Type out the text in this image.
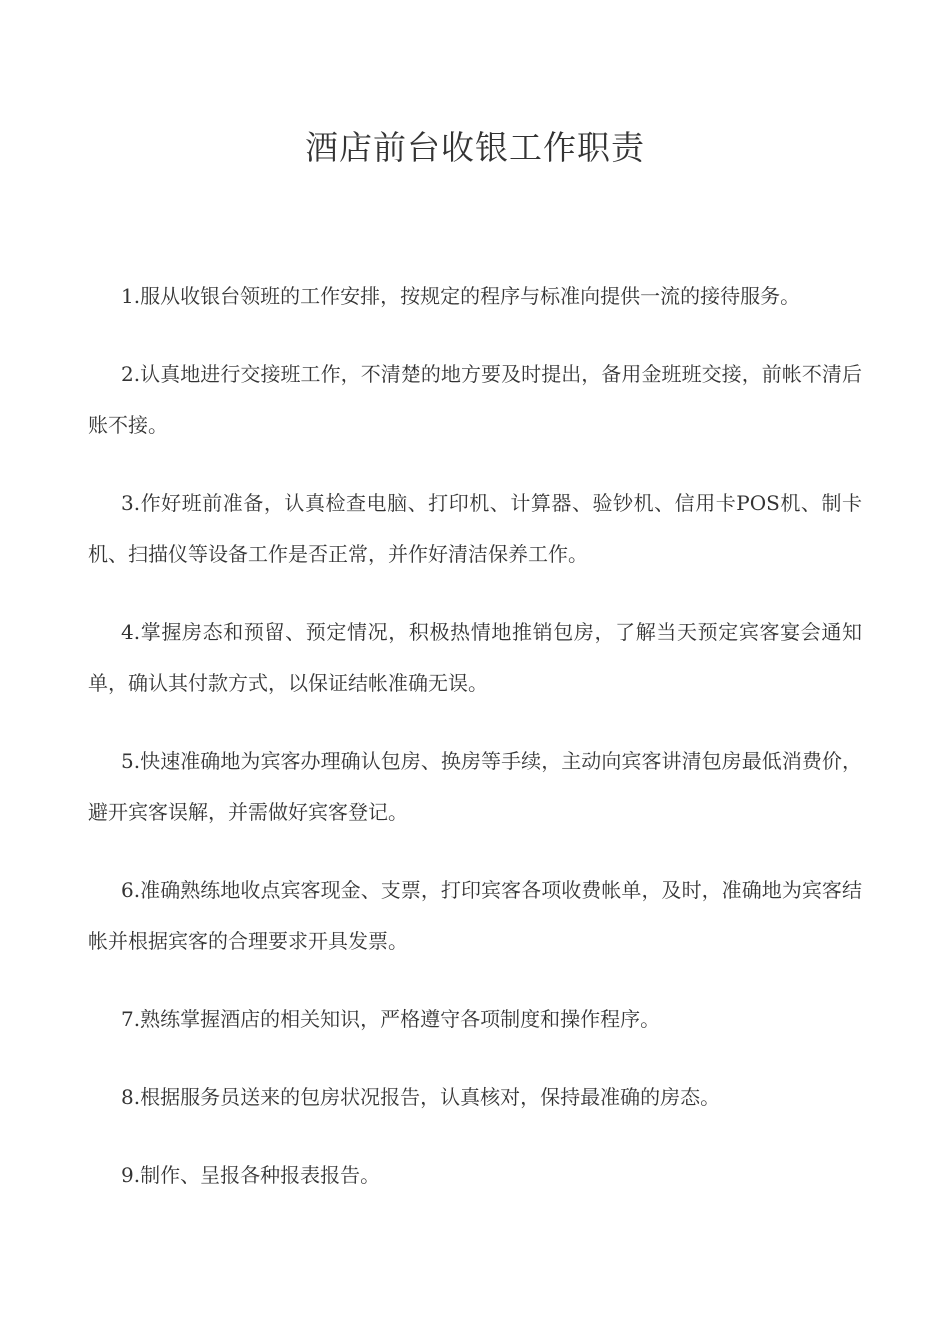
酒店前台收银工作职责

1.服从收银台领班的工作安排，按规定的程序与标准向提供一流的接待服务。

2.认真地进行交接班工作，不清楚的地方要及时提出，备用金班班交接，前帐不清后账不接。

3.作好班前准备，认真检查电脑、打印机、计算器、验钞机、信用卡POS机、制卡机、扫描仪等设备工作是否正常，并作好清洁保养工作。

4.掌握房态和预留、预定情况，积极热情地推销包房，了解当天预定宾客宴会通知单，确认其付款方式，以保证结帐准确无误。

5.快速准确地为宾客办理确认包房、换房等手续，主动向宾客讲清包房最低消费价，避开宾客误解，并需做好宾客登记。

6.准确熟练地收点宾客现金、支票，打印宾客各项收费帐单，及时，准确地为宾客结帐并根据宾客的合理要求开具发票。

7.熟练掌握酒店的相关知识，严格遵守各项制度和操作程序。

8.根据服务员送来的包房状况报告，认真核对，保持最准确的房态。

9.制作、呈报各种报表报告。
